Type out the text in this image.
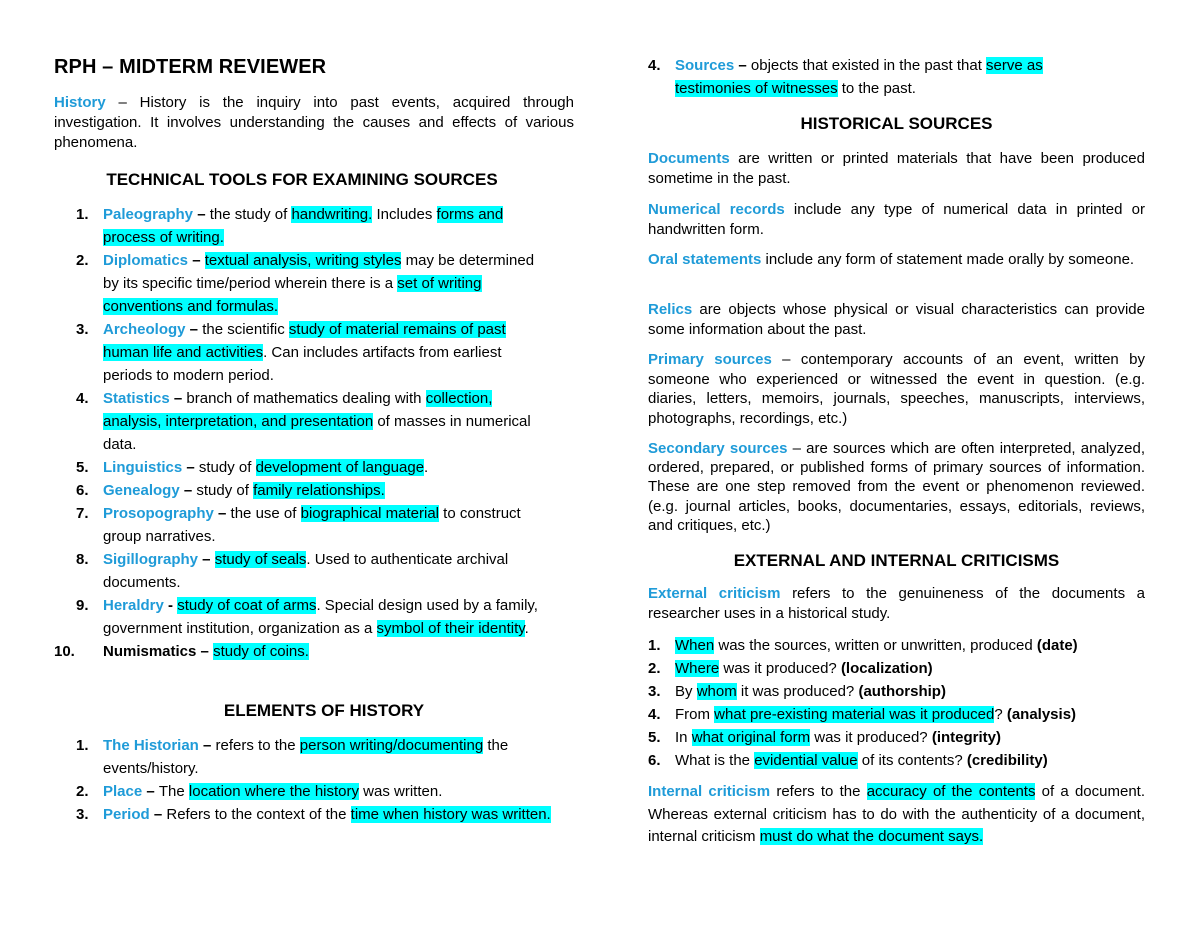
RPH – MIDTERM REVIEWER

History – History is the inquiry into past events, acquired through investigation. It involves understanding the causes and effects of various phenomena.

TECHNICAL TOOLS FOR EXAMINING SOURCES
1. Paleography – the study of handwriting. Includes forms and process of writing.
2. Diplomatics – textual analysis, writing styles may be determined by its specific time/period wherein there is a set of writing conventions and formulas.
3. Archeology – the scientific study of material remains of past human life and activities. Can includes artifacts from earliest periods to modern period.
4. Statistics – branch of mathematics dealing with collection, analysis, interpretation, and presentation of masses in numerical data.
5. Linguistics – study of development of language.
6. Genealogy – study of family relationships.
7. Prosopography – the use of biographical material to construct group narratives.
8. Sigillography – study of seals. Used to authenticate archival documents.
9. Heraldry - study of coat of arms. Special design used by a family, government institution, organization as a symbol of their identity.
10. Numismatics – study of coins.
ELEMENTS OF HISTORY
1. The Historian – refers to the person writing/documenting the events/history.
2. Place – The location where the history was written.
3. Period – Refers to the context of the time when history was written.
4. Sources – objects that existed in the past that serve as testimonies of witnesses to the past.
HISTORICAL SOURCES

Documents are written or printed materials that have been produced sometime in the past.

Numerical records include any type of numerical data in printed or handwritten form.

Oral statements include any form of statement made orally by someone.

Relics are objects whose physical or visual characteristics can provide some information about the past.

Primary sources – contemporary accounts of an event, written by someone who experienced or witnessed the event in question. (e.g. diaries, letters, memoirs, journals, speeches, manuscripts, interviews, photographs, recordings, etc.)

Secondary sources – are sources which are often interpreted, analyzed, ordered, prepared, or published forms of primary sources of information. These are one step removed from the event or phenomenon reviewed. (e.g. journal articles, books, documentaries, essays, editorials, reviews, and critiques, etc.)

EXTERNAL AND INTERNAL CRITICISMS

External criticism refers to the genuineness of the documents a researcher uses in a historical study.

1. When was the sources, written or unwritten, produced (date)
2. Where was it produced? (localization)
3. By whom it was produced? (authorship)
4. From what pre-existing material was it produced? (analysis)
5. In what original form was it produced? (integrity)
6. What is the evidential value of its contents? (credibility)

Internal criticism refers to the accuracy of the contents of a document. Whereas external criticism has to do with the authenticity of a document, internal criticism must do what the document says.
